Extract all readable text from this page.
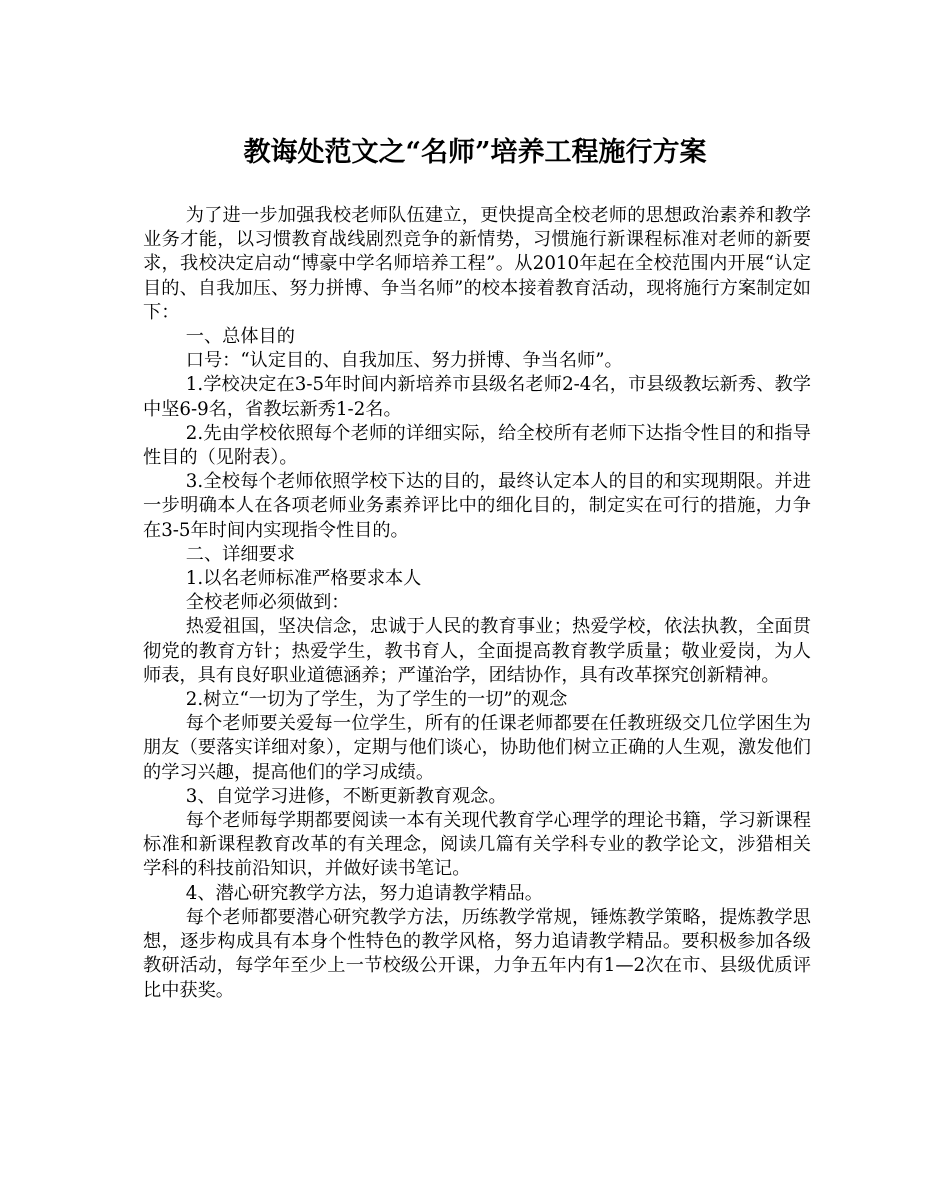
教诲处范文之“名师”培养工程施行方案

为了进一步加强我校老师队伍建立，更快提高全校老师的思想政治素养和教学业务才能，以习惯教育战线剧烈竞争的新情势，习惯施行新课程标准对老师的新要求，我校决定启动“博豪中学名师培养工程”。从2010年起在全校范围内开展“认定目的、自我加压、努力拼博、争当名师”的校本接着教育活动，现将施行方案制定如下：

一、总体目的

口号：“认定目的、自我加压、努力拼博、争当名师”。

1.学校决定在3-5年时间内新培养市县级名老师2-4名，市县级教坛新秀、教学中坚6-9名，省教坛新秀1-2名。

2.先由学校依照每个老师的详细实际，给全校所有老师下达指令性目的和指导性目的（见附表）。

3.全校每个老师依照学校下达的目的，最终认定本人的目的和实现期限。并进一步明确本人在各项老师业务素养评比中的细化目的，制定实在可行的措施，力争在3-5年时间内实现指令性目的。

二、详细要求

1.以名老师标准严格要求本人

全校老师必须做到：

热爱祖国，坚决信念，忠诚于人民的教育事业；热爱学校，依法执教，全面贯彻党的教育方针；热爱学生，教书育人，全面提高教育教学质量；敬业爱岗，为人师表，具有良好职业道德涵养；严谨治学，团结协作，具有改革探究创新精神。

2.树立“一切为了学生，为了学生的一切”的观念

每个老师要关爱每一位学生，所有的任课老师都要在任教班级交几位学困生为朋友（要落实详细对象），定期与他们谈心，协助他们树立正确的人生观，激发他们的学习兴趣，提高他们的学习成绩。

3、自觉学习进修，不断更新教育观念。

每个老师每学期都要阅读一本有关现代教育学心理学的理论书籍，学习新课程标准和新课程教育改革的有关理念，阅读几篇有关学科专业的教学论文，涉猎相关学科的科技前沿知识，并做好读书笔记。

4、潜心研究教学方法，努力追请教学精品。

每个老师都要潜心研究教学方法，历练教学常规，锤炼教学策略，提炼教学思想，逐步构成具有本身个性特色的教学风格，努力追请教学精品。要积极参加各级教研活动，每学年至少上一节校级公开课，力争五年内有1—2次在市、县级优质评比中获奖。
